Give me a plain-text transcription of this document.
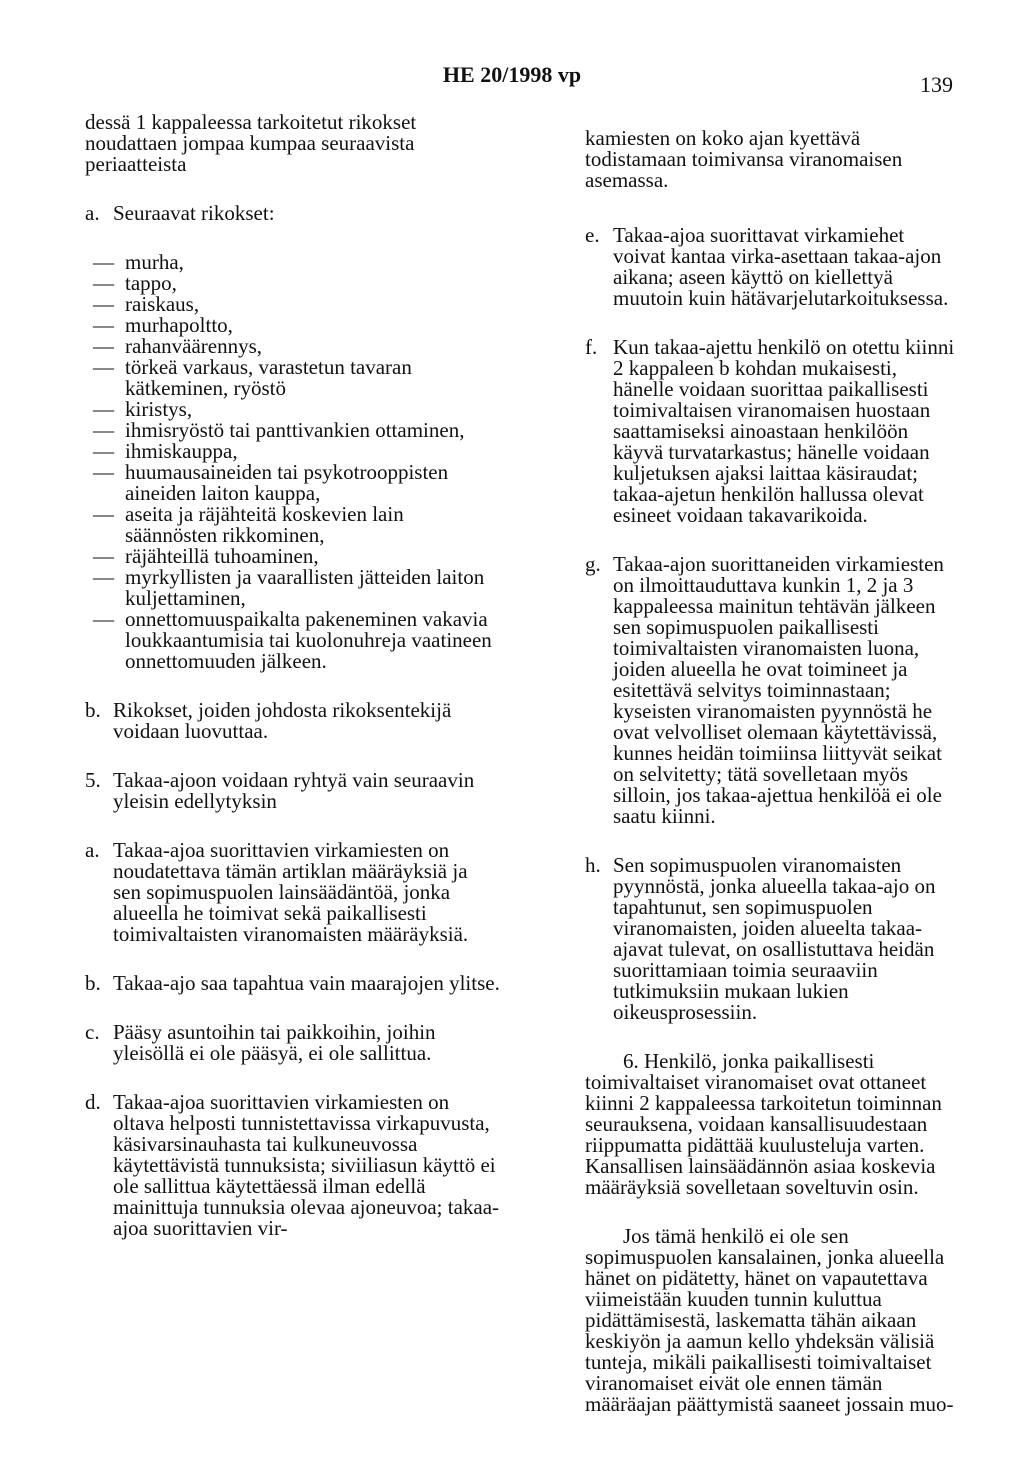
HE 20/1998 vp	139

dessä 1 kappaleessa tarkoitetut rikokset noudattaen jompaa kumpaa seuraavista periaatteista

a. Seuraavat rikokset:
— murha,
— tappo,
— raiskaus,
— murhapoltto,
— rahanväärennys,
— törkeä varkaus, varastetun tavaran kätkeminen, ryöstö
— kiristys,
— ihmisryöstö tai panttivankien ottaminen,
— ihmiskauppa,
— huumausaineiden tai psykotrooppisten aineiden laiton kauppa,
— aseita ja räjähteitä koskevien lain säännösten rikkominen,
— räjähteillä tuhoaminen,
— myrkyllisten ja vaarallisten jätteiden laiton kuljettaminen,
— onnettomuuspaikalta pakeneminen vakavia loukkaantumisia tai kuolonuhreja vaatineen onnettomuuden jälkeen.
b. Rikokset, joiden johdosta rikoksentekijä voidaan luovuttaa.
5. Takaa-ajoon voidaan ryhtyä vain seuraavin yleisin edellytyksin
a. Takaa-ajoa suorittavien virkamiesten on noudatettava tämän artiklan määräyksiä ja sen sopimuspuolen lainsäädäntöä, jonka alueella he toimivat sekä paikallisesti toimivaltaisten viranomaisten määräyksiä.
b. Takaa-ajo saa tapahtua vain maarajojen ylitse.
c. Pääsy asuntoihin tai paikkoihin, joihin yleisöllä ei ole pääsyä, ei ole sallittua.
d. Takaa-ajoa suorittavien virkamiesten on oltava helposti tunnistettavissa virkapuvusta, käsivarsinauhasta tai kulkuneuvossa käytettävistä tunnuksista; siviiliasun käyttö ei ole sallittua käytettäessä ilman edellä mainittuja tunnuksia olevaa ajoneuvoa; takaa-ajoa suorittavien vir-

kamiesten on koko ajan kyettävä todistamaan toimivansa viranomaisen asemassa.

e. Takaa-ajoa suorittavat virkamiehet voivat kantaa virka-asettaan takaa-ajon aikana; aseen käyttö on kiellettyä muutoin kuin hätävarjelutarkoituksessa.
f. Kun takaa-ajettu henkilö on otettu kiinni 2 kappaleen b kohdan mukaisesti, hänelle voidaan suorittaa paikallisesti toimivaltaisen viranomaisen huostaan saattamiseksi ainoastaan henkilöön käyvä turvatarkastus; hänelle voidaan kuljetuksen ajaksi laittaa käsiraudat; takaa-ajetun henkilön hallussa olevat esineet voidaan takavarikoida.
g. Takaa-ajon suorittaneiden virkamiesten on ilmoittauduttava kunkin 1, 2 ja 3 kappaleessa mainitun tehtävän jälkeen sen sopimuspuolen paikallisesti toimivaltaisten viranomaisten luona, joiden alueella he ovat toimineet ja esitettävä selvitys toiminnastaan; kyseisten viranomaisten pyynnöstä he ovat velvolliset olemaan käytettävissä, kunnes heidän toimiinsa liittyvät seikat on selvitetty; tätä sovelletaan myös silloin, jos takaa-ajettua henkilöä ei ole saatu kiinni.
h. Sen sopimuspuolen viranomaisten pyynnöstä, jonka alueella takaa-ajo on tapahtunut, sen sopimuspuolen viranomaisten, joiden alueelta takaa-ajavat tulevat, on osallistuttava heidän suorittamiaan toimia seuraaviin tutkimuksiin mukaan lukien oikeusprosessiin.

6. Henkilö, jonka paikallisesti toimivaltaiset viranomaiset ovat ottaneet kiinni 2 kappaleessa tarkoitetun toiminnan seurauksena, voidaan kansallisuudestaan riippumatta pidättää kuulusteluja varten. Kansallisen lainsäädännön asiaa koskevia määräyksiä sovelletaan soveltuvin osin.

Jos tämä henkilö ei ole sen sopimuspuolen kansalainen, jonka alueella hänet on pidätetty, hänet on vapautettava viimeistään kuuden tunnin kuluttua pidättämisestä, laskematta tähän aikaan keskiyön ja aamun kello yhdeksän välisiä tunteja, mikäli paikallisesti toimivaltaiset viranomaiset eivät ole ennen tämän määräajan päättymistä saaneet jossain muo-
